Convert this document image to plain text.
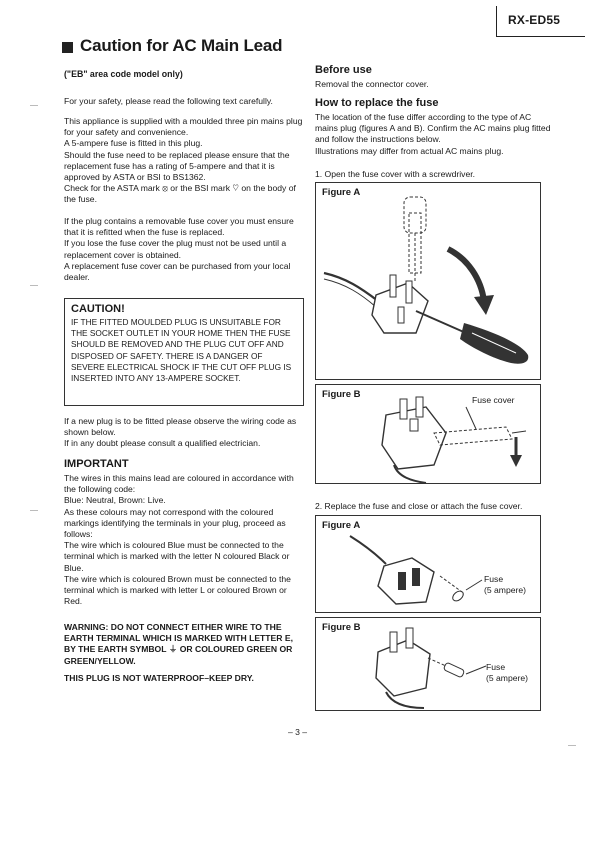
RX-ED55
Caution for AC Main Lead
("EB" area code model only)
For your safety, please read the following text carefully.

This appliance is supplied with a moulded three pin mains plug for your safety and convenience.

A 5-ampere fuse is fitted in this plug.

Should the fuse need to be replaced please ensure that the replacement fuse has a rating of 5-ampere and that it is approved by ASTA or BSI to BS1362.

Check for the ASTA mark ⦻ or the BSI mark ♡ on the body of the fuse.

If the plug contains a removable fuse cover you must ensure that it is refitted when the fuse is replaced.

If you lose the fuse cover the plug must not be used until a replacement cover is obtained.

A replacement fuse cover can be purchased from your local dealer.

CAUTION!
IF THE FITTED MOULDED PLUG IS UNSUITABLE FOR THE SOCKET OUTLET IN YOUR HOME THEN THE FUSE SHOULD BE REMOVED AND THE PLUG CUT OFF AND DISPOSED OF SAFETY. THERE IS A DANGER OF SEVERE ELECTRICAL SHOCK IF THE CUT OFF PLUG IS INSERTED INTO ANY 13-AMPERE SOCKET.

If a new plug is to be fitted please observe the wiring code as shown below.

If in any doubt please consult a qualified electrician.

IMPORTANT

The wires in this mains lead are coloured in accordance with the following code:

Blue: Neutral, Brown: Live.

As these colours may not correspond with the coloured markings identifying the terminals in your plug, proceed as follows:

The wire which is coloured Blue must be connected to the terminal which is marked with the letter N coloured Black or Blue.

The wire which is coloured Brown must be connected to the terminal which is marked with letter L or coloured Brown or Red.

WARNING: DO NOT CONNECT EITHER WIRE TO THE EARTH TERMINAL WHICH IS MARKED WITH LETTER E, BY THE EARTH SYMBOL ⏚ OR COLOURED GREEN OR GREEN/YELLOW.
THIS PLUG IS NOT WATERPROOF–KEEP DRY.
Before use
Removal the connector cover.
How to replace the fuse

The location of the fuse differ according to the type of AC mains plug (figures A and B). Confirm the AC mains plug fitted and follow the instructions below.

Illustrations may differ from actual AC mains plug.

1. Open the fuse cover with a screwdriver.
Figure A
Figure B	Fuse cover
2. Replace the fuse and close or attach the fuse cover.
Figure A
Fuse
(5 ampere)
Figure B
Fuse
(5 ampere)
– 3 –
